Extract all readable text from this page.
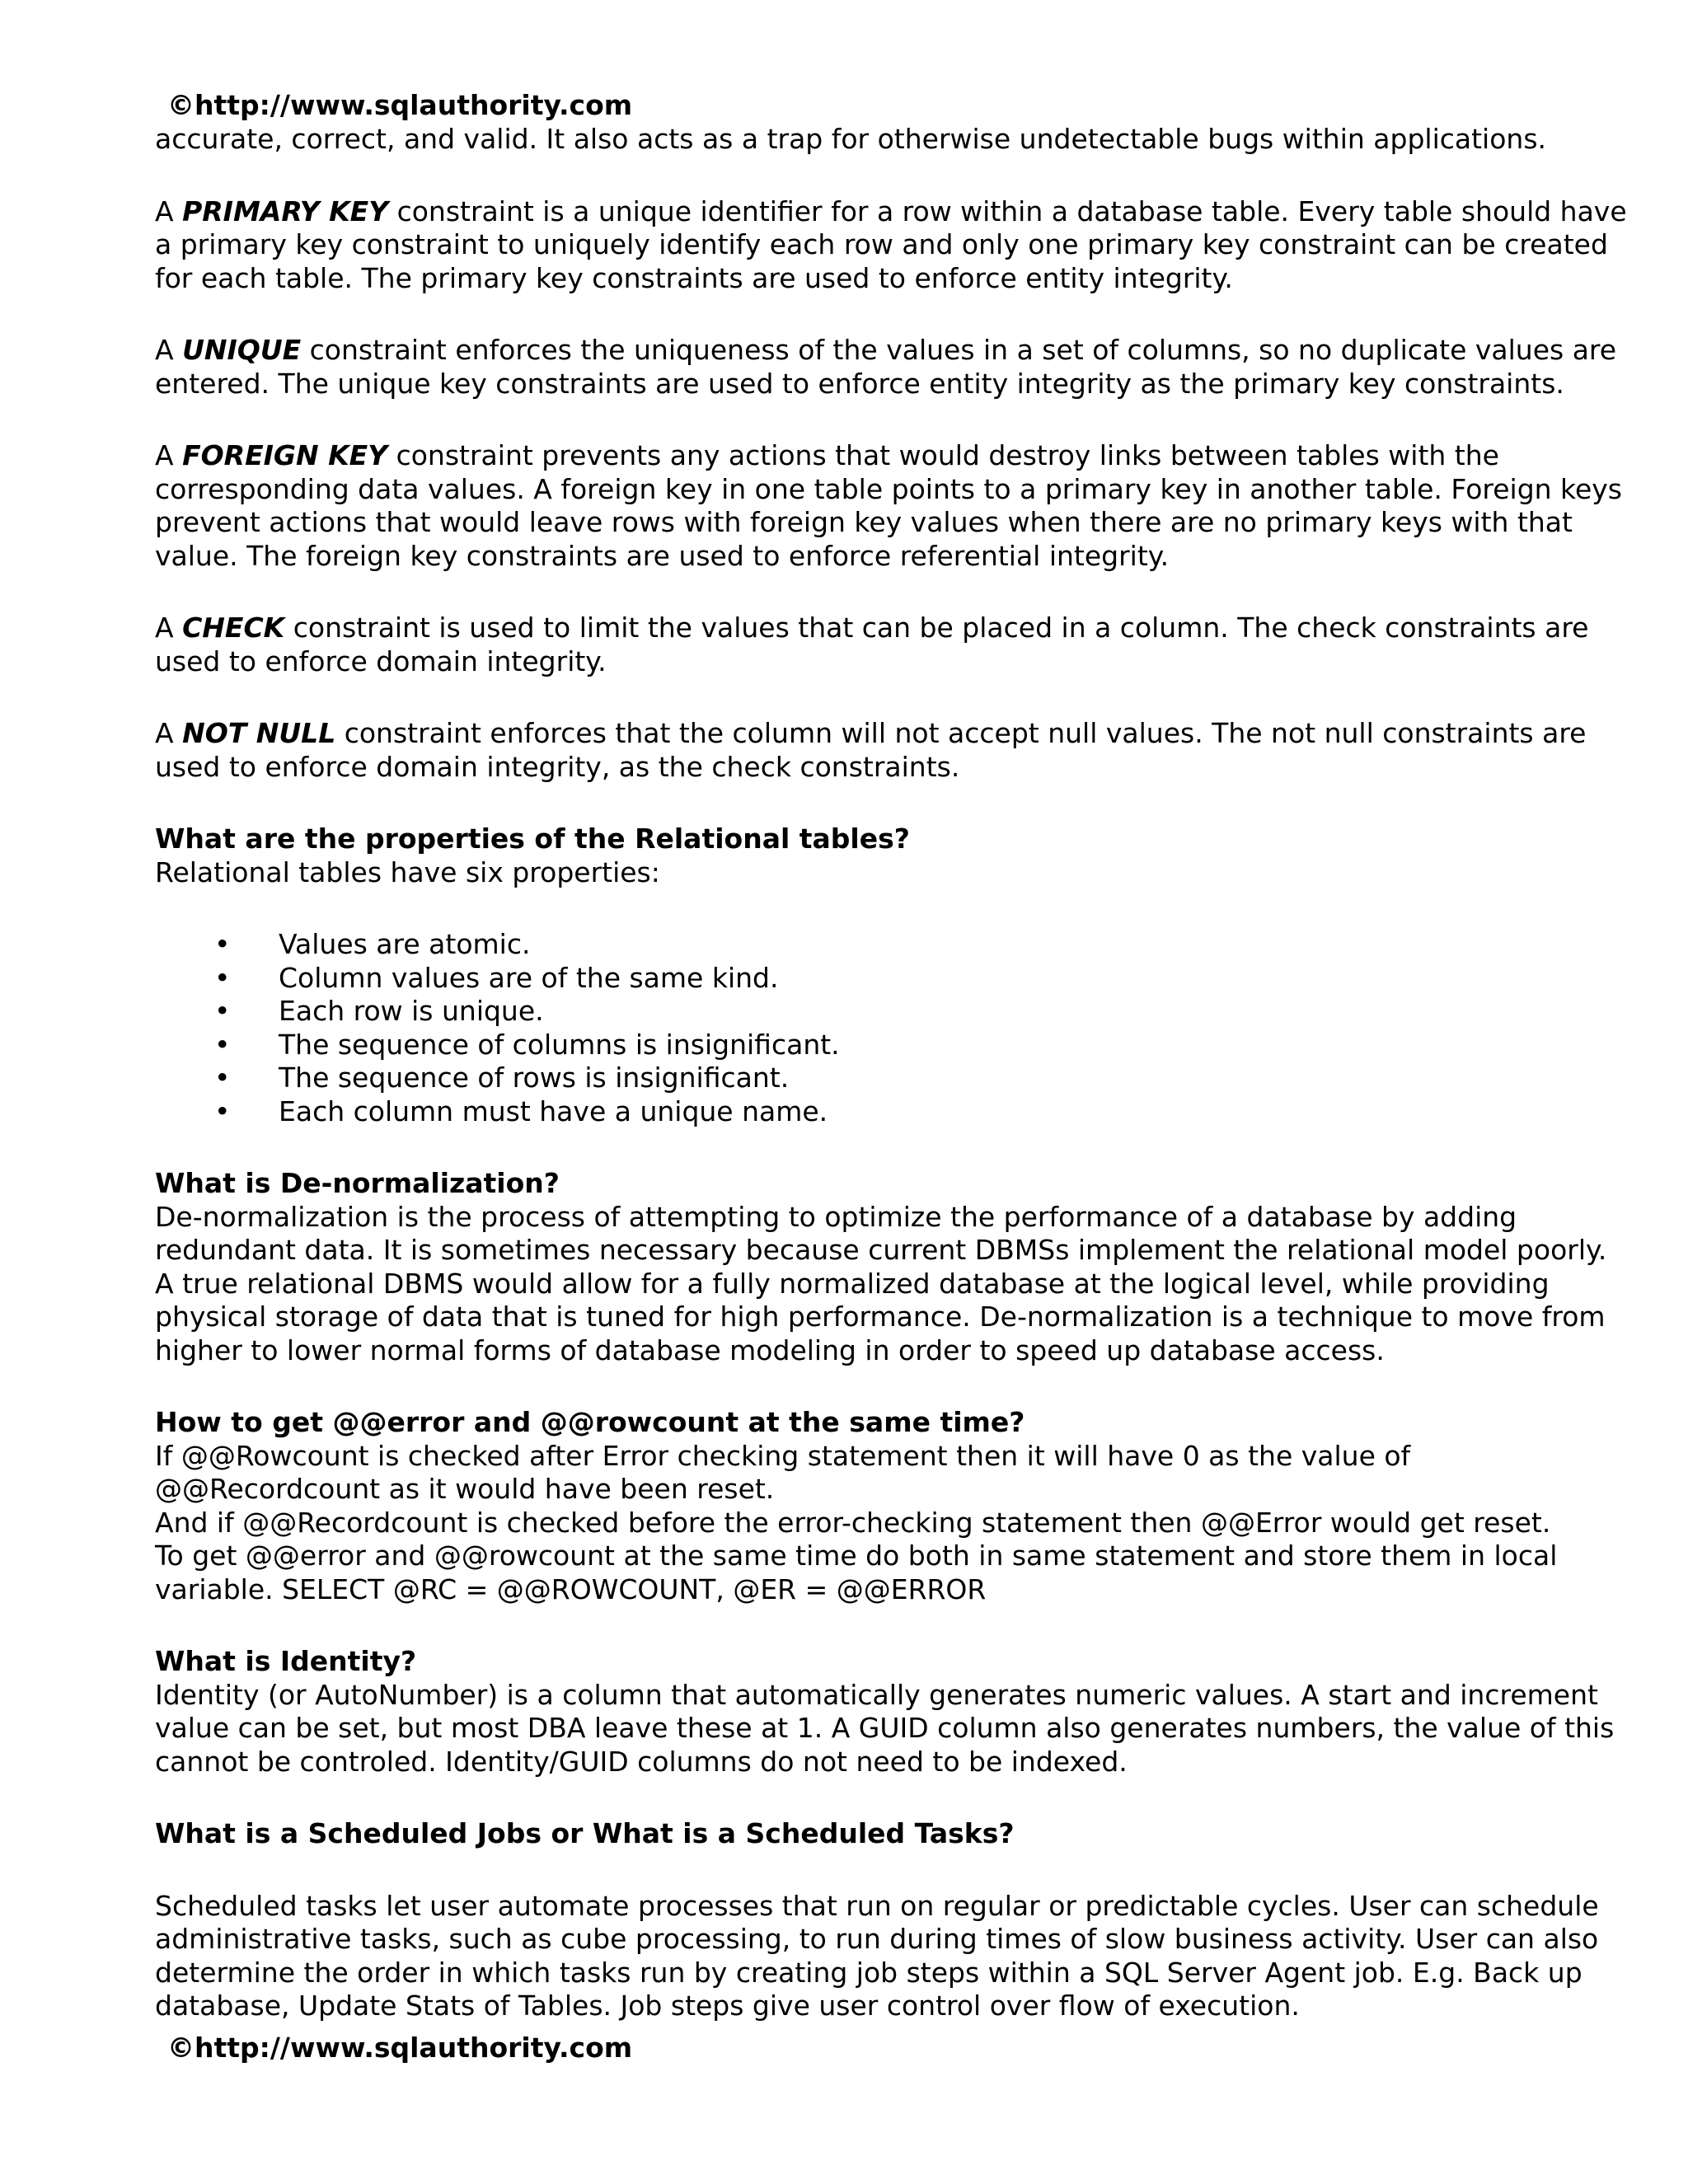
©http://www.sqlauthority.com

accurate, correct, and valid. It also acts as a trap for otherwise undetectable bugs within applications.

A PRIMARY KEY constraint is a unique identifier for a row within a database table. Every table should have a primary key constraint to uniquely identify each row and only one primary key constraint can be created for each table. The primary key constraints are used to enforce entity integrity.

A UNIQUE constraint enforces the uniqueness of the values in a set of columns, so no duplicate values are entered. The unique key constraints are used to enforce entity integrity as the primary key constraints.

A FOREIGN KEY constraint prevents any actions that would destroy links between tables with the corresponding data values. A foreign key in one table points to a primary key in another table. Foreign keys prevent actions that would leave rows with foreign key values when there are no primary keys with that value. The foreign key constraints are used to enforce referential integrity.

A CHECK constraint is used to limit the values that can be placed in a column. The check constraints are used to enforce domain integrity.

A NOT NULL constraint enforces that the column will not accept null values. The not null constraints are used to enforce domain integrity, as the check constraints.

What are the properties of the Relational tables?

Relational tables have six properties:

• Values are atomic.
• Column values are of the same kind.
• Each row is unique.
• The sequence of columns is insignificant.
• The sequence of rows is insignificant.
• Each column must have a unique name.

What is De-normalization?

De-normalization is the process of attempting to optimize the performance of a database by adding redundant data. It is sometimes necessary because current DBMSs implement the relational model poorly. A true relational DBMS would allow for a fully normalized database at the logical level, while providing physical storage of data that is tuned for high performance. De-normalization is a technique to move from higher to lower normal forms of database modeling in order to speed up database access.

How to get @@error and @@rowcount at the same time?

If @@Rowcount is checked after Error checking statement then it will have 0 as the value of @@Recordcount as it would have been reset.

And if @@Recordcount is checked before the error-checking statement then @@Error would get reset.

To get @@error and @@rowcount at the same time do both in same statement and store them in local variable. SELECT @RC = @@ROWCOUNT, @ER = @@ERROR

What is Identity?

Identity (or AutoNumber) is a column that automatically generates numeric values. A start and increment value can be set, but most DBA leave these at 1. A GUID column also generates numbers, the value of this cannot be controled. Identity/GUID columns do not need to be indexed.

What is a Scheduled Jobs or What is a Scheduled Tasks?

Scheduled tasks let user automate processes that run on regular or predictable cycles. User can schedule administrative tasks, such as cube processing, to run during times of slow business activity. User can also determine the order in which tasks run by creating job steps within a SQL Server Agent job. E.g. Back up database, Update Stats of Tables. Job steps give user control over flow of execution.

©http://www.sqlauthority.com
